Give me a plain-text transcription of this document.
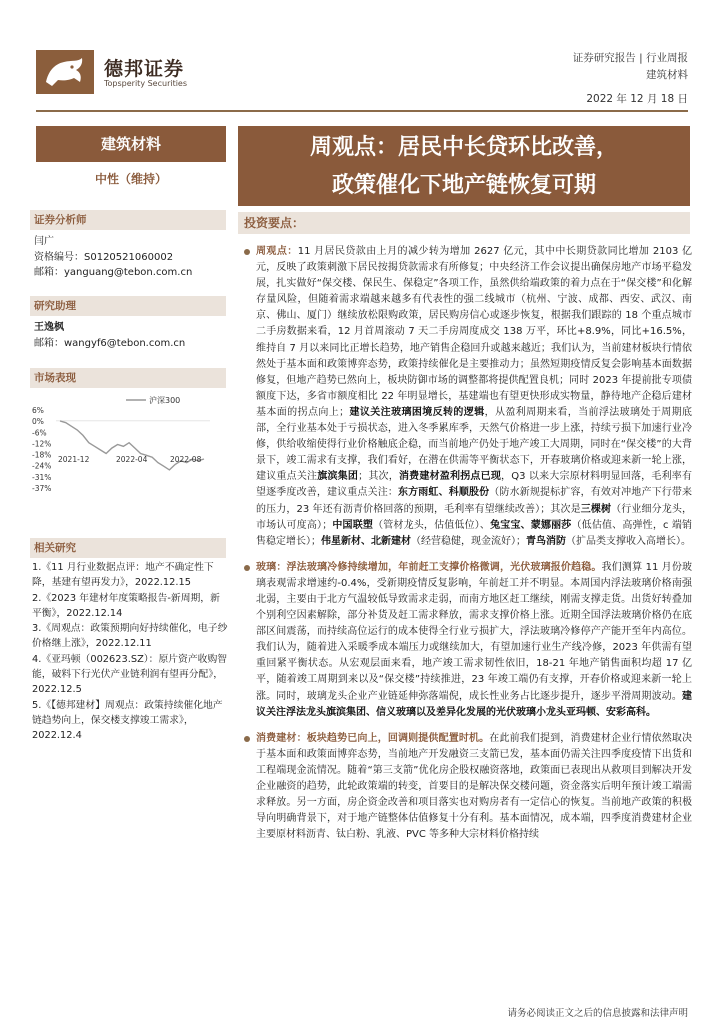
德邦证券
Topsperity Securities
证券研究报告 | 行业周报
建筑材料
2022 年 12 月 18 日
建筑材料
中性（维持）
证券分析师
闫广
资格编号：S0120521060002
邮箱：yanguang@tebon.com.cn
研究助理
王逸枫
邮箱：wangyf6@tebon.com.cn
市场表现
6%
0%
-6%
-12%
-18%
-24%
-31%
-37%
2021-12	2022-04	2022-08
沪深300
相关研究
1.《11 月行业数据点评：地产不确定性下降，基建有望再发力》，2022.12.15
2.《2023 年建材年度策略报告-新周期，新平衡》，2022.12.14
3.《周观点：政策预期向好持续催化，电子纱价格继上涨》，2022.12.11
4.《亚玛顿（002623.SZ）：原片资产收购智能，破料下行光伏产业链利润有望再分配》，2022.12.5
5.《【德邦建材】周观点：政策持续催化地产链趋势向上，保交楼支撑竣工需求》，2022.12.4
周观点：居民中长贷环比改善，
政策催化下地产链恢复可期
投资要点：
周观点：11 月居民贷款由上月的减少转为增加 2627 亿元，其中中长期贷款同比增加 2103 亿元，反映了政策刺激下居民按揭贷款需求有所修复；中央经济工作会议提出确保房地产市场平稳发展，扎实做好“保交楼、保民生、保稳定”各项工作，虽然供给端政策的着力点在于“保交楼”和化解存量风险，但随着需求端越来越多有代表性的强二线城市（杭州、宁波、成都、西安、武汉、南京、佛山、厦门）继续放松限购政策，居民购房信心或逐步恢复，根据我们跟踪的 18 个重点城市二手房数据来看，12 月首周滚动 7 天二手房周度成交 138 万平，环比+8.9%，同比+16.5%，维持自 7 月以来同比正增长趋势，地产销售企稳回升或越来越近；我们认为，当前建材板块行情依然处于基本面和政策博弈态势，政策持续催化是主要推动力；虽然短期疫情反复会影响基本面数据修复，但地产趋势已然向上，板块防御市场的调整都将提供配置良机；同时 2023 年提前批专项债额度下达，多省市额度相比 22 年明显增长，基建端也有望更快形成实物量，静待地产企稳后建材基本面的拐点向上；建议关注玻璃困境反转的逻辑，从盈利周期来看，当前浮法玻璃处于周期底部，全行业基本处于亏损状态，进入冬季累库季，天然气价格进一步上涨，持续亏损下加速行业冷修，供给收缩使得行业价格触底企稳，而当前地产仍处于地产竣工大周期，同时在“保交楼”的大背景下，竣工需求有支撑，我们看好，在潜在供需等平衡状态下，开春玻璃价格或迎来新一轮上涨，建议重点关注旗滨集团；其次，消费建材盈利拐点已现，Q3 以来大宗原材料明显回落，毛利率有望逐季度改善，建议重点关注：东方雨虹、科顺股份（防水新规提标扩容，有效对冲地产下行带来的压力，23 年还有沥青价格回落的预期，毛利率有望继续改善）；其次是三棵树（行业细分龙头，市场认可度高）；中国联塑（管材龙头，估值低位）、兔宝宝、蒙娜丽莎（低估值、高弹性，c 端销售稳定增长）；伟星新材、北新建材（经营稳健，现金流好）；青鸟消防（扩品类支撑收入高增长）。
玻璃：浮法玻璃冷修持续增加，年前赶工支撑价格微调，光伏玻璃报价趋稳。我们测算 11 月份玻璃表观需求增速约-0.4%，受新期疫情反复影响，年前赶工并不明显。本周国内浮法玻璃价格南强北弱，主要由于北方气温较低导致需求走弱，而南方地区赶工继续，刚需支撑走货。出货好转叠加个别利空因素解除，部分补货及赶工需求释放，需求支撑价格上涨。近期全国浮法玻璃价格仍在底部区间震荡，而持续高位运行的成本使得全行业亏损扩大，浮法玻璃冷修停产产能开至年内高位。我们认为，随着进入采暖季成本端压力或继续加大，有望加速行业生产线冷修，2023 年供需有望重回紧平衡状态。从宏观层面来看，地产竣工需求韧性依旧，18-21 年地产销售面积均超 17 亿平，随着竣工周期到来以及“保交楼”持续推进，23 年竣工端仍有支撑，开春价格或迎来新一轮上涨。同时，玻璃龙头企业产业链延伸弥落端倪，成长性业务占比逐步提升，逐步平滑周期波动。建议关注浮法龙头旗滨集团、信义玻璃以及差异化发展的光伏玻璃小龙头亚玛顿、安彩高科。
消费建材：板块趋势已向上，回调则提供配置时机。在此前我们提到，消费建材企业行情依然取决于基本面和政策面博弈态势，当前地产开发融资三支箭已发，基本面仍需关注四季度疫情下出货和工程端现金流情况。随着“第三支箭”优化房企股权融资落地，政策面已表现出从救项目到解决开发企业融资的趋势，此轮政策端的转变，首要目的是解决保交楼问题，资金落实后明年预计竣工端需求释放。另一方面，房企资金改善和项目落实也对购房者有一定信心的恢复。当前地产政策的积极导向明确背景下，对于地产链整体估值修复十分有利。基本面情况，成本端，四季度消费建材企业主要原材料沥青、钛白粉、乳液、PVC 等多种大宗材料价格持续
请务必阅读正文之后的信息披露和法律声明
